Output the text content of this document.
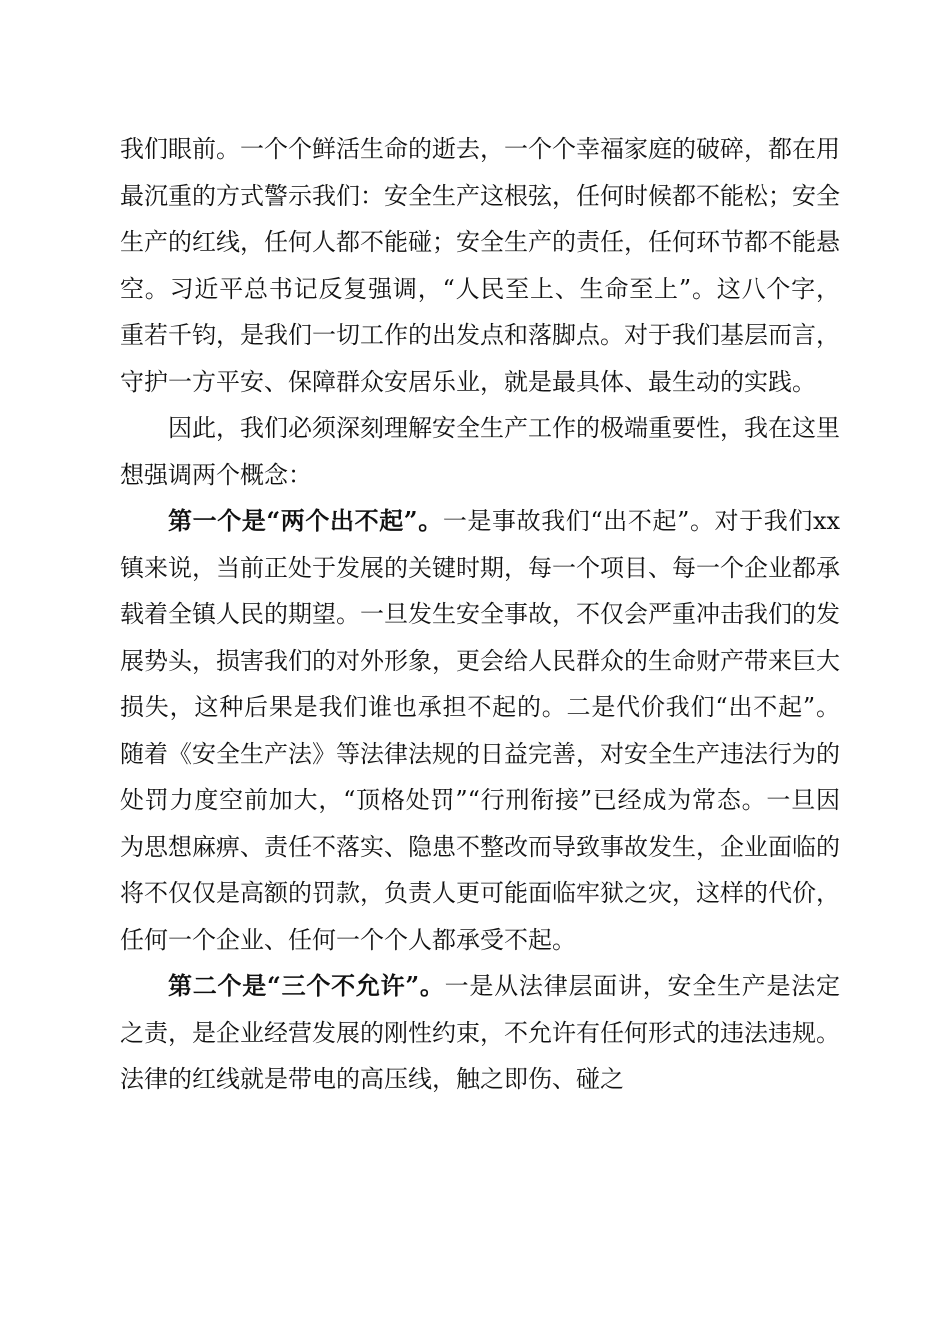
我们眼前。一个个鲜活生命的逝去，一个个幸福家庭的破碎，都在用最沉重的方式警示我们：安全生产这根弦，任何时候都不能松；安全生产的红线，任何人都不能碰；安全生产的责任，任何环节都不能悬空。习近平总书记反复强调，“人民至上、生命至上”。这八个字，重若千钧，是我们一切工作的出发点和落脚点。对于我们基层而言，守护一方平安、保障群众安居乐业，就是最具体、最生动的实践。

因此，我们必须深刻理解安全生产工作的极端重要性，我在这里想强调两个概念：

第一个是“两个出不起”。一是事故我们“出不起”。对于我们xx镇来说，当前正处于发展的关键时期，每一个项目、每一个企业都承载着全镇人民的期望。一旦发生安全事故，不仅会严重冲击我们的发展势头，损害我们的对外形象，更会给人民群众的生命财产带来巨大损失，这种后果是我们谁也承担不起的。二是代价我们“出不起”。随着《安全生产法》等法律法规的日益完善，对安全生产违法行为的处罚力度空前加大，“顶格处罚”“行刑衔接”已经成为常态。一旦因为思想麻痹、责任不落实、隐患不整改而导致事故发生，企业面临的将不仅仅是高额的罚款，负责人更可能面临牢狱之灾，这样的代价，任何一个企业、任何一个个人都承受不起。

第二个是“三个不允许”。一是从法律层面讲，安全生产是法定之责，是企业经营发展的刚性约束，不允许有任何形式的违法违规。法律的红线就是带电的高压线，触之即伤、碰之
